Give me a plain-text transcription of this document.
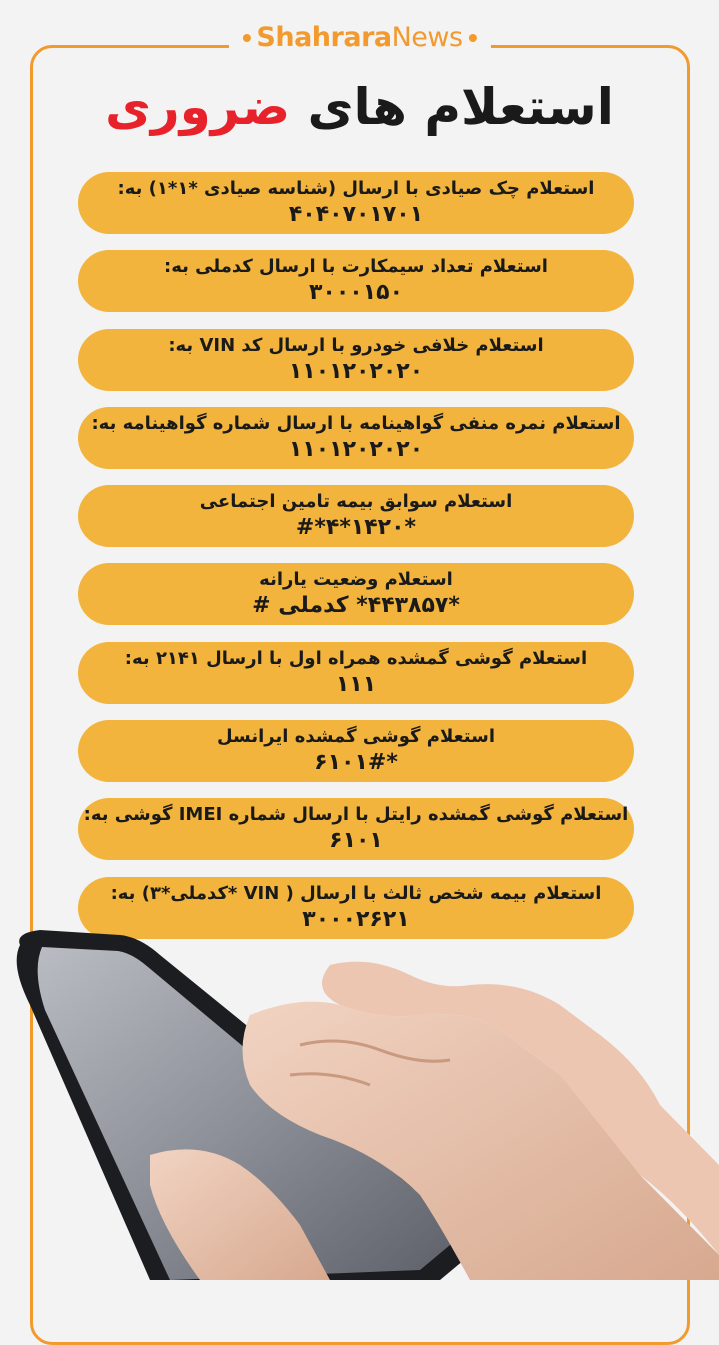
Shahrara News
استعلام های ضروری
استعلام چک صیادی با ارسال (شناسه صیادی *۱*۱) به:
۴۰۴۰۷۰۱۷۰۱
استعلام تعداد سیمکارت با ارسال کدملی به:
۳۰۰۰۱۵۰
استعلام خلافی خودرو با ارسال کد VIN به:
۱۱۰۱۲۰۲۰۲۰
استعلام نمره منفی گواهینامه با ارسال شماره گواهینامه به:
۱۱۰۱۲۰۲۰۲۰
استعلام سوابق بیمه تامین اجتماعی
*۱۴۲۰*۴*#
استعلام وضعیت یارانه
*۴۴۳۸۵۷* کدملی #
استعلام گوشی گمشده همراه اول با ارسال ۲۱۴۱ به:
۱۱۱
استعلام گوشی گمشده ایرانسل
*۶۱۰۱#
استعلام گوشی گمشده رایتل با ارسال شماره IMEI گوشی به:
۶۱۰۱
استعلام بیمه شخص ثالث با ارسال ( VIN *کدملی*۳) به:
۳۰۰۰۲۶۲۱
